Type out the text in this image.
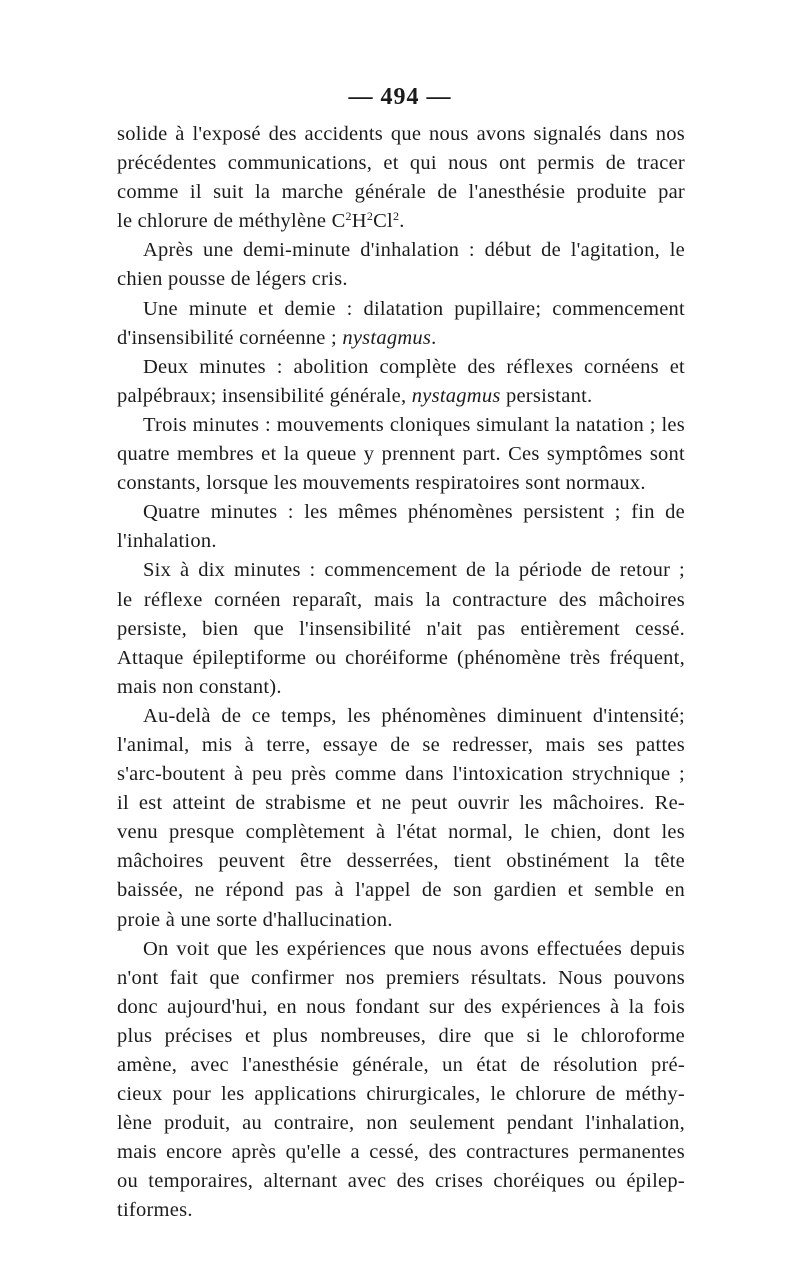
— 494 —
solide à l'exposé des accidents que nous avons signalés dans nos
précédentes communications, et qui nous ont permis de tracer
comme il suit la marche générale de l'anesthésie produite par
le chlorure de méthylène $C^2H^2Cl^2$.
Après une demi-minute d'inhalation : début de l'agitation, le
chien pousse de légers cris.
Une minute et demie : dilatation pupillaire; commencement
d'insensibilité cornéenne ; nystagmus.
Deux minutes : abolition complète des réflexes cornéens et
palpébraux; insensibilité générale, nystagmus persistant.
Trois minutes : mouvements cloniques simulant la natation ; les
quatre membres et la queue y prennent part. Ces symptômes sont
constants, lorsque les mouvements respiratoires sont normaux.
Quatre minutes : les mêmes phénomènes persistent ; fin de
l'inhalation.
Six à dix minutes : commencement de la période de retour ;
le réflexe cornéen reparaît, mais la contracture des mâchoires
persiste, bien que l'insensibilité n'ait pas entièrement cessé.
Attaque épileptiforme ou choréiforme (phénomène très fréquent,
mais non constant).
Au-delà de ce temps, les phénomènes diminuent d'intensité;
l'animal, mis à terre, essaye de se redresser, mais ses pattes
s'arc-boutent à peu près comme dans l'intoxication strychnique ;
il est atteint de strabisme et ne peut ouvrir les mâchoires. Re-
venu presque complètement à l'état normal, le chien, dont les
mâchoires peuvent être desserrées, tient obstinément la tête
baissée, ne répond pas à l'appel de son gardien et semble en
proie à une sorte d'hallucination.
On voit que les expériences que nous avons effectuées depuis
n'ont fait que confirmer nos premiers résultats. Nous pouvons
donc aujourd'hui, en nous fondant sur des expériences à la fois
plus précises et plus nombreuses, dire que si le chloroforme
amène, avec l'anesthésie générale, un état de résolution pré-
cieux pour les applications chirurgicales, le chlorure de méthy-
lène produit, au contraire, non seulement pendant l'inhalation,
mais encore après qu'elle a cessé, des contractures permanentes
ou temporaires, alternant avec des crises choréiques ou épilep-
tiformes.
